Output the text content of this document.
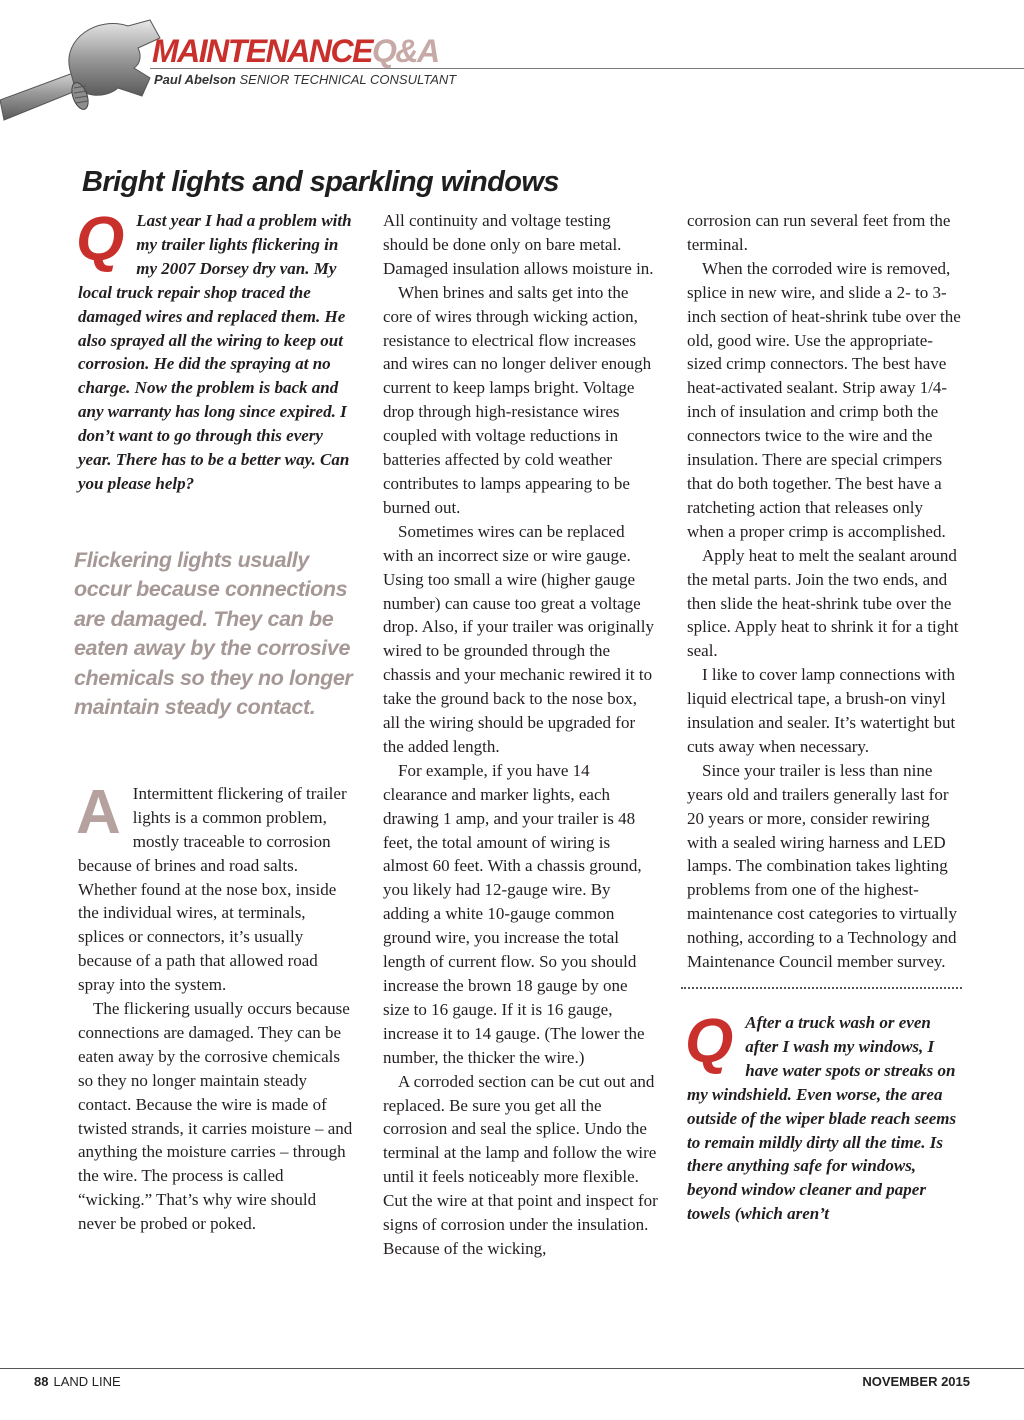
MAINTENANCEQ&A
Paul Abelson SENIOR TECHNICAL CONSULTANT
Bright lights and sparkling windows

Q Last year I had a problem with my trailer lights flickering in my 2007 Dorsey dry van. My local truck repair shop traced the damaged wires and replaced them. He also sprayed all the wiring to keep out corrosion. He did the spraying at no charge. Now the problem is back and any warranty has long since expired. I don’t want to go through this every year. There has to be a better way. Can you please help?

Flickering lights usually occur because connections are damaged. They can be eaten away by the corrosive chemicals so they no longer maintain steady contact.

A Intermittent flickering of trailer lights is a common problem, mostly traceable to corrosion because of brines and road salts. Whether found at the nose box, inside the individual wires, at terminals, splices or connectors, it’s usually because of a path that allowed road spray into the system.

The flickering usually occurs because connections are damaged. They can be eaten away by the corrosive chemicals so they no longer maintain steady contact. Because the wire is made of twisted strands, it carries moisture – and anything the moisture carries – through the wire. The process is called “wicking.” That’s why wire should never be probed or poked.

All continuity and voltage testing should be done only on bare metal. Damaged insulation allows moisture in.

When brines and salts get into the core of wires through wicking action, resistance to electrical flow increases and wires can no longer deliver enough current to keep lamps bright. Voltage drop through high-resistance wires coupled with voltage reductions in batteries affected by cold weather contributes to lamps appearing to be burned out.

Sometimes wires can be replaced with an incorrect size or wire gauge. Using too small a wire (higher gauge number) can cause too great a voltage drop. Also, if your trailer was originally wired to be grounded through the chassis and your mechanic rewired it to take the ground back to the nose box, all the wiring should be upgraded for the added length.

For example, if you have 14 clearance and marker lights, each drawing 1 amp, and your trailer is 48 feet, the total amount of wiring is almost 60 feet. With a chassis ground, you likely had 12-gauge wire. By adding a white 10-gauge common ground wire, you increase the total length of current flow. So you should increase the brown 18 gauge by one size to 16 gauge. If it is 16 gauge, increase it to 14 gauge. (The lower the number, the thicker the wire.)

A corroded section can be cut out and replaced. Be sure you get all the corrosion and seal the splice. Undo the terminal at the lamp and follow the wire until it feels noticeably more flexible. Cut the wire at that point and inspect for signs of corrosion under the insulation. Because of the wicking,

corrosion can run several feet from the terminal.

When the corroded wire is removed, splice in new wire, and slide a 2- to 3-inch section of heat-shrink tube over the old, good wire. Use the appropriate-sized crimp connectors. The best have heat-activated sealant. Strip away 1/4-inch of insulation and crimp both the connectors twice to the wire and the insulation. There are special crimpers that do both together. The best have a ratcheting action that releases only when a proper crimp is accomplished.

Apply heat to melt the sealant around the metal parts. Join the two ends, and then slide the heat-shrink tube over the splice. Apply heat to shrink it for a tight seal.

I like to cover lamp connections with liquid electrical tape, a brush-on vinyl insulation and sealer. It’s watertight but cuts away when necessary.

Since your trailer is less than nine years old and trailers generally last for 20 years or more, consider rewiring with a sealed wiring harness and LED lamps. The combination takes lighting problems from one of the highest-maintenance cost categories to virtually nothing, according to a Technology and Maintenance Council member survey.

Q After a truck wash or even after I wash my windows, I have water spots or streaks on my windshield. Even worse, the area outside of the wiper blade reach seems to remain mildly dirty all the time. Is there anything safe for windows, beyond window cleaner and paper towels (which aren’t

88 LAND LINE	NOVEMBER 2015
